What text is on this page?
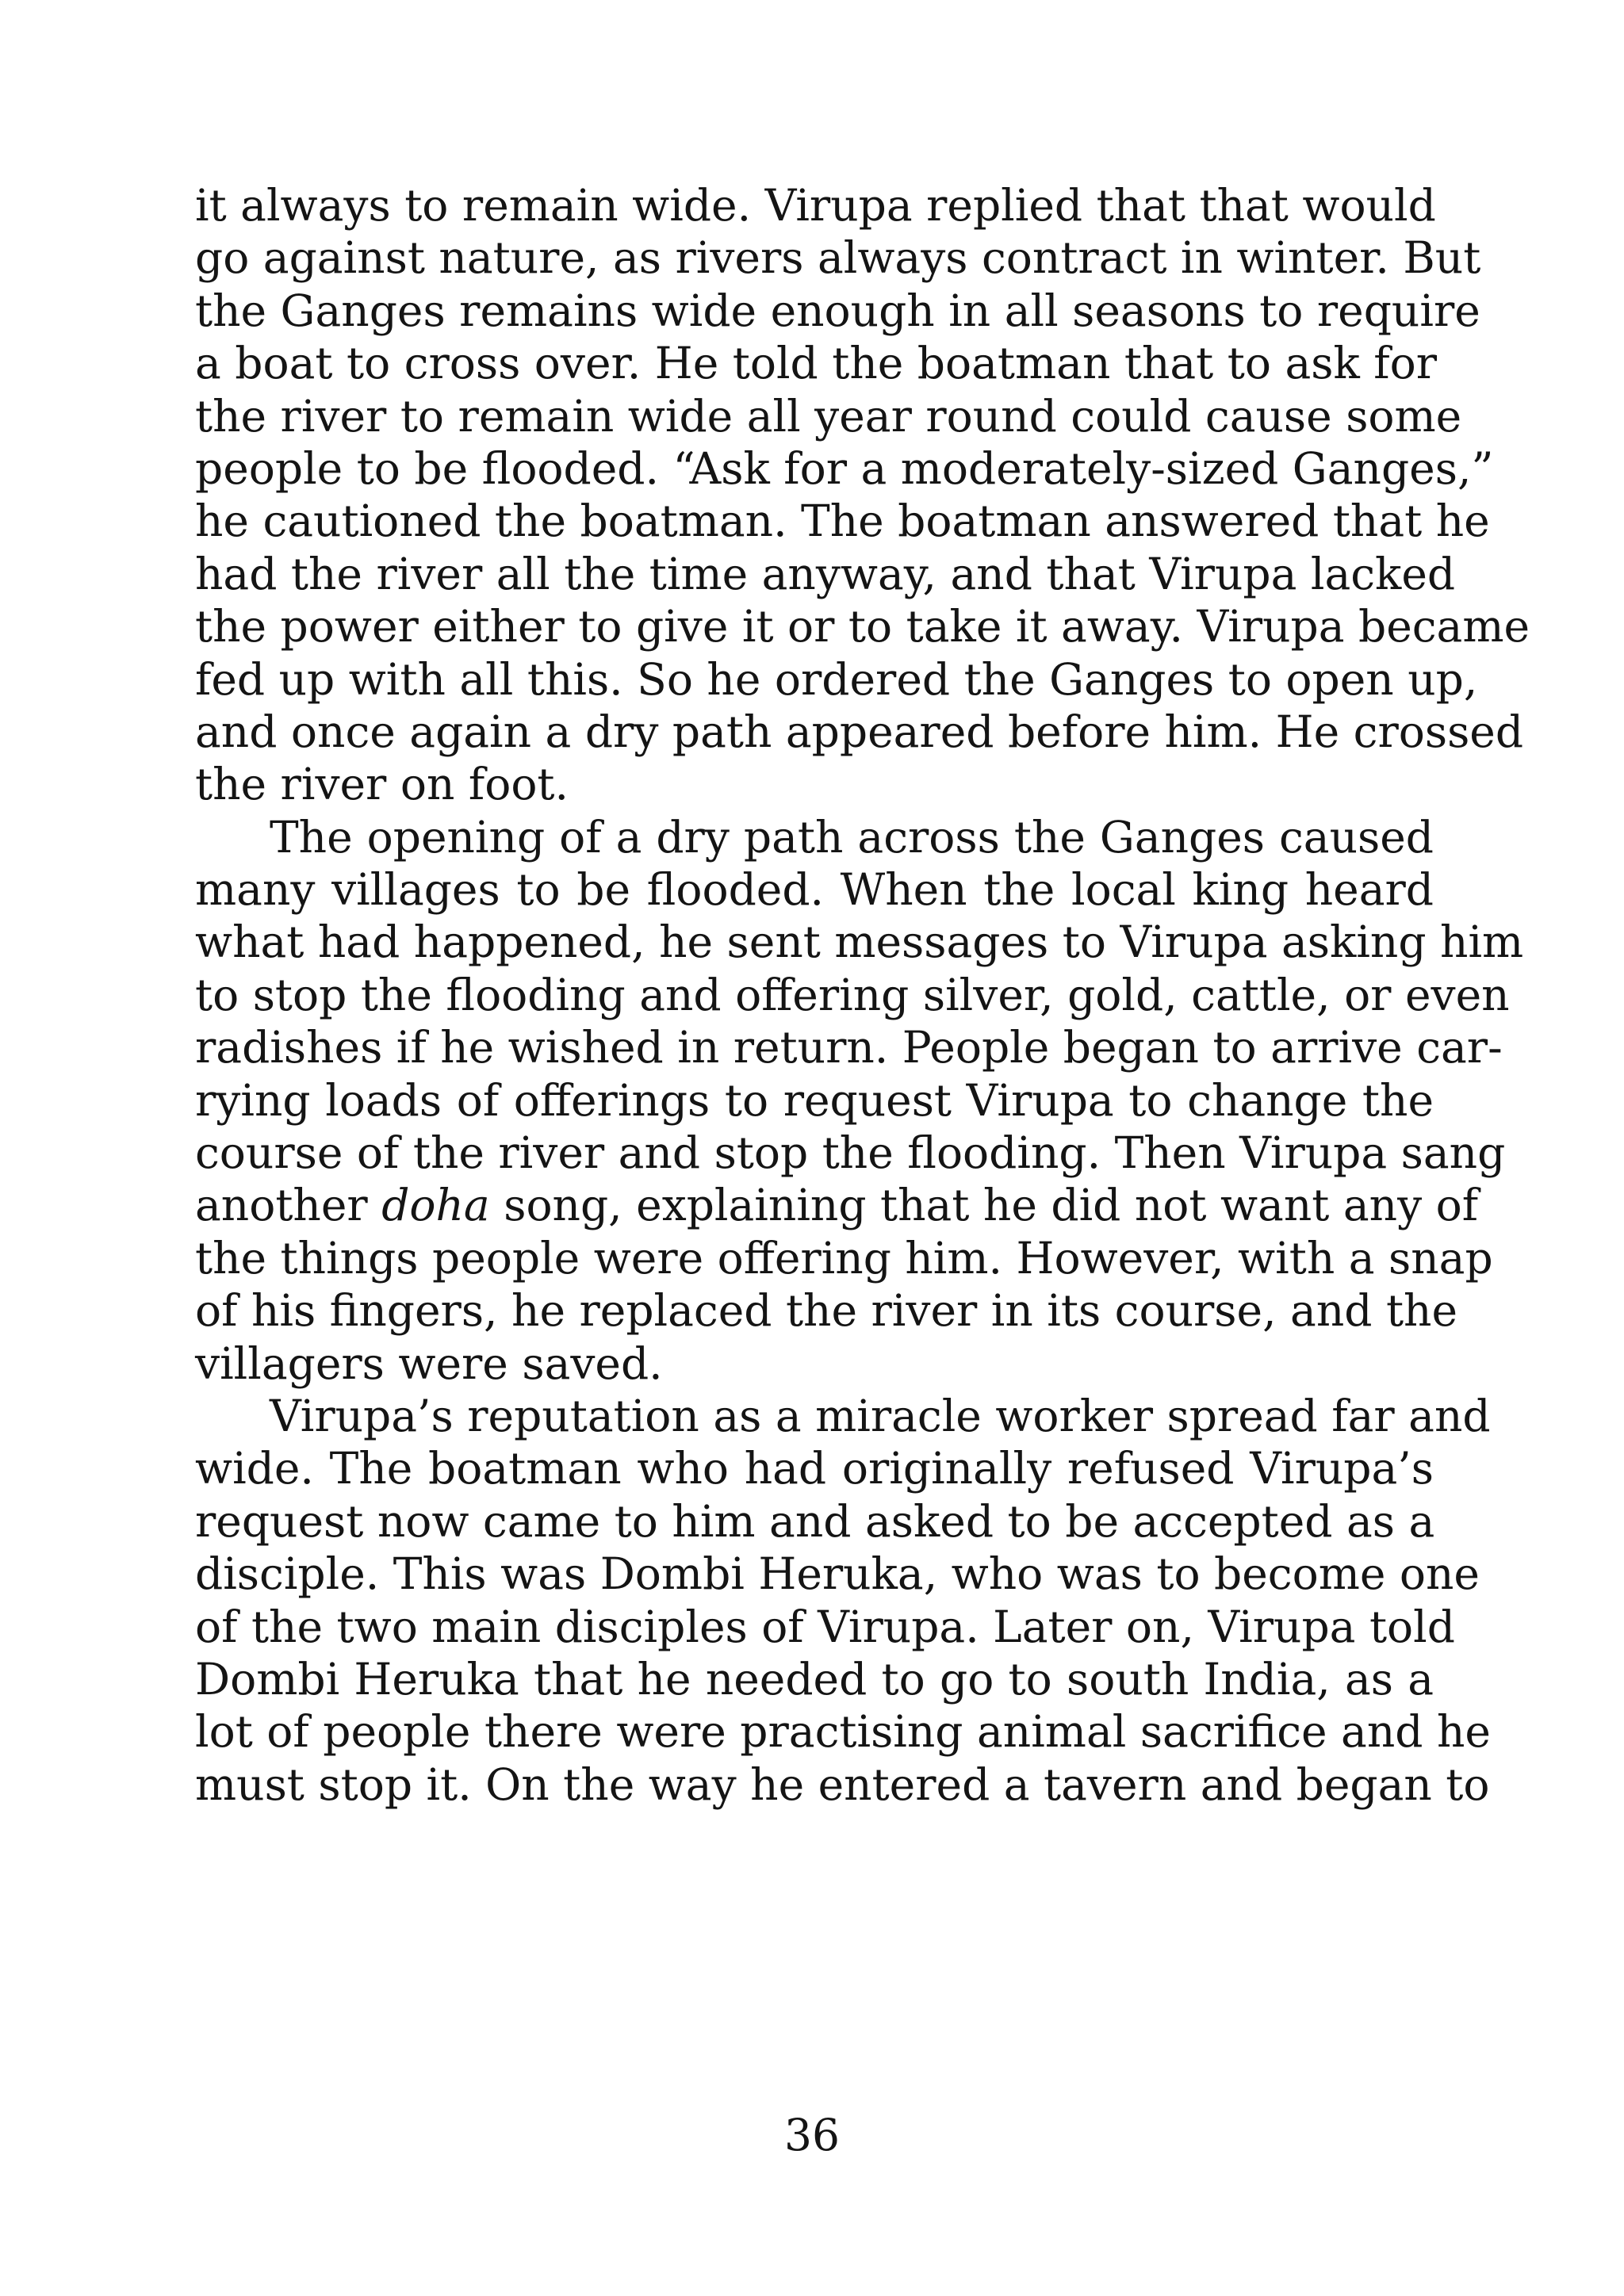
it always to remain wide. Virupa replied that that would
go against nature, as rivers always contract in winter. But
the Ganges remains wide enough in all seasons to require
a boat to cross over. He told the boatman that to ask for
the river to remain wide all year round could cause some
people to be flooded. “Ask for a moderately-sized Ganges,”
he cautioned the boatman. The boatman answered that he
had the river all the time anyway, and that Virupa lacked
the power either to give it or to take it away. Virupa became
fed up with all this. So he ordered the Ganges to open up,
and once again a dry path appeared before him. He crossed
the river on foot.
The opening of a dry path across the Ganges caused
many villages to be flooded. When the local king heard
what had happened, he sent messages to Virupa asking him
to stop the flooding and offering silver, gold, cattle, or even
radishes if he wished in return. People began to arrive car-
rying loads of offerings to request Virupa to change the
course of the river and stop the flooding. Then Virupa sang
another doha song, explaining that he did not want any of
the things people were offering him. However, with a snap
of his fingers, he replaced the river in its course, and the
villagers were saved.
Virupa’s reputation as a miracle worker spread far and
wide. The boatman who had originally refused Virupa’s
request now came to him and asked to be accepted as a
disciple. This was Dombi Heruka, who was to become one
of the two main disciples of Virupa. Later on, Virupa told
Dombi Heruka that he needed to go to south India, as a
lot of people there were practising animal sacrifice and he
must stop it. On the way he entered a tavern and began to
36
